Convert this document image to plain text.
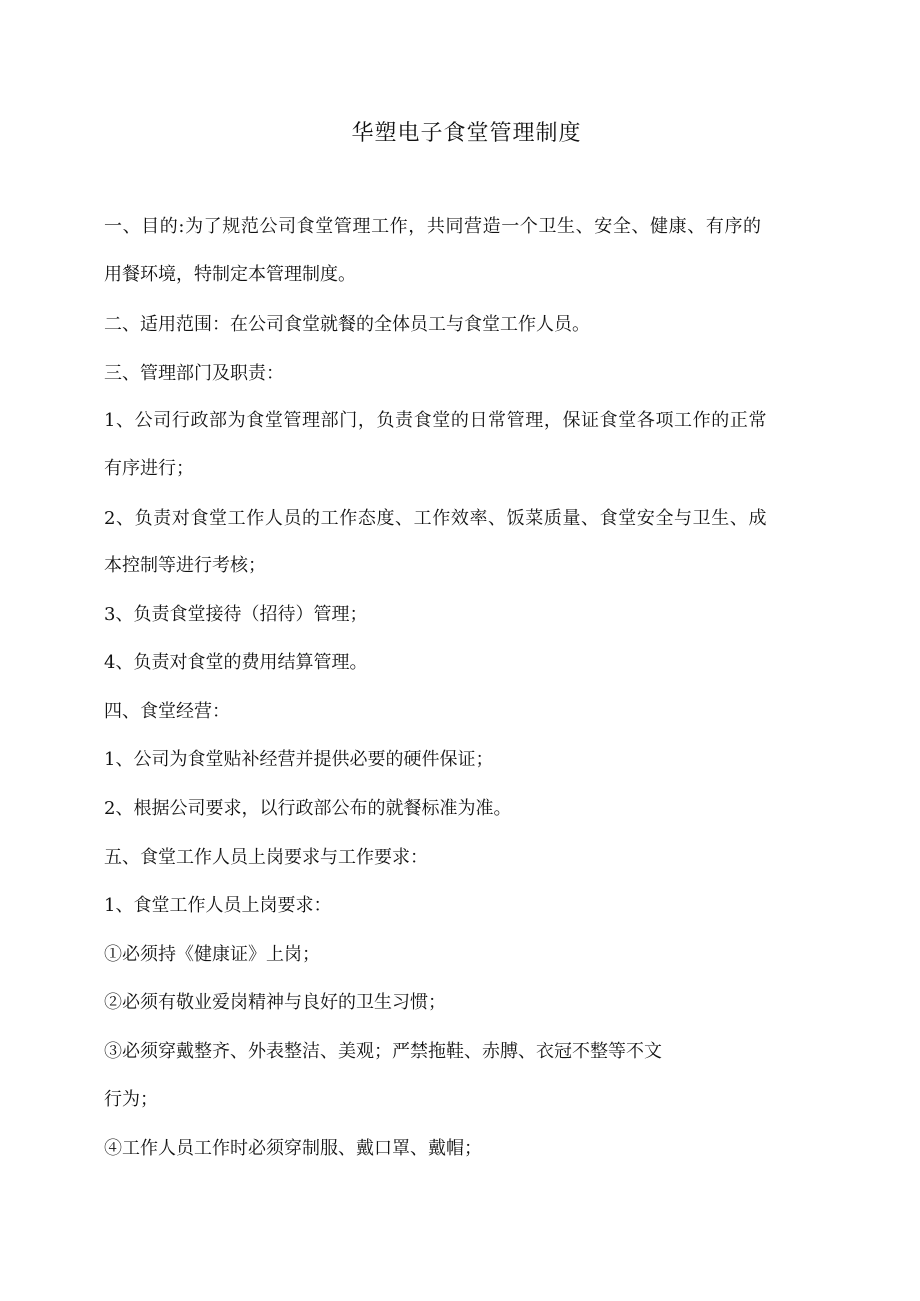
华塑电子食堂管理制度

一、目的:为了规范公司食堂管理工作，共同营造一个卫生、安全、健康、有序的

用餐环境，特制定本管理制度。

二、适用范围：在公司食堂就餐的全体员工与食堂工作人员。

三、管理部门及职责：

1、公司行政部为食堂管理部门，负责食堂的日常管理，保证食堂各项工作的正常

有序进行；

2、负责对食堂工作人员的工作态度、工作效率、饭菜质量、食堂安全与卫生、成

本控制等进行考核；

3、负责食堂接待（招待）管理；

4、负责对食堂的费用结算管理。

四、食堂经营：

1、公司为食堂贴补经营并提供必要的硬件保证；

2、根据公司要求，以行政部公布的就餐标准为准。

五、食堂工作人员上岗要求与工作要求：

1、食堂工作人员上岗要求：

①必须持《健康证》上岗；

②必须有敬业爱岗精神与良好的卫生习惯；

③必须穿戴整齐、外表整洁、美观；严禁拖鞋、赤膊、衣冠不整等不文

行为；

④工作人员工作时必须穿制服、戴口罩、戴帽；
